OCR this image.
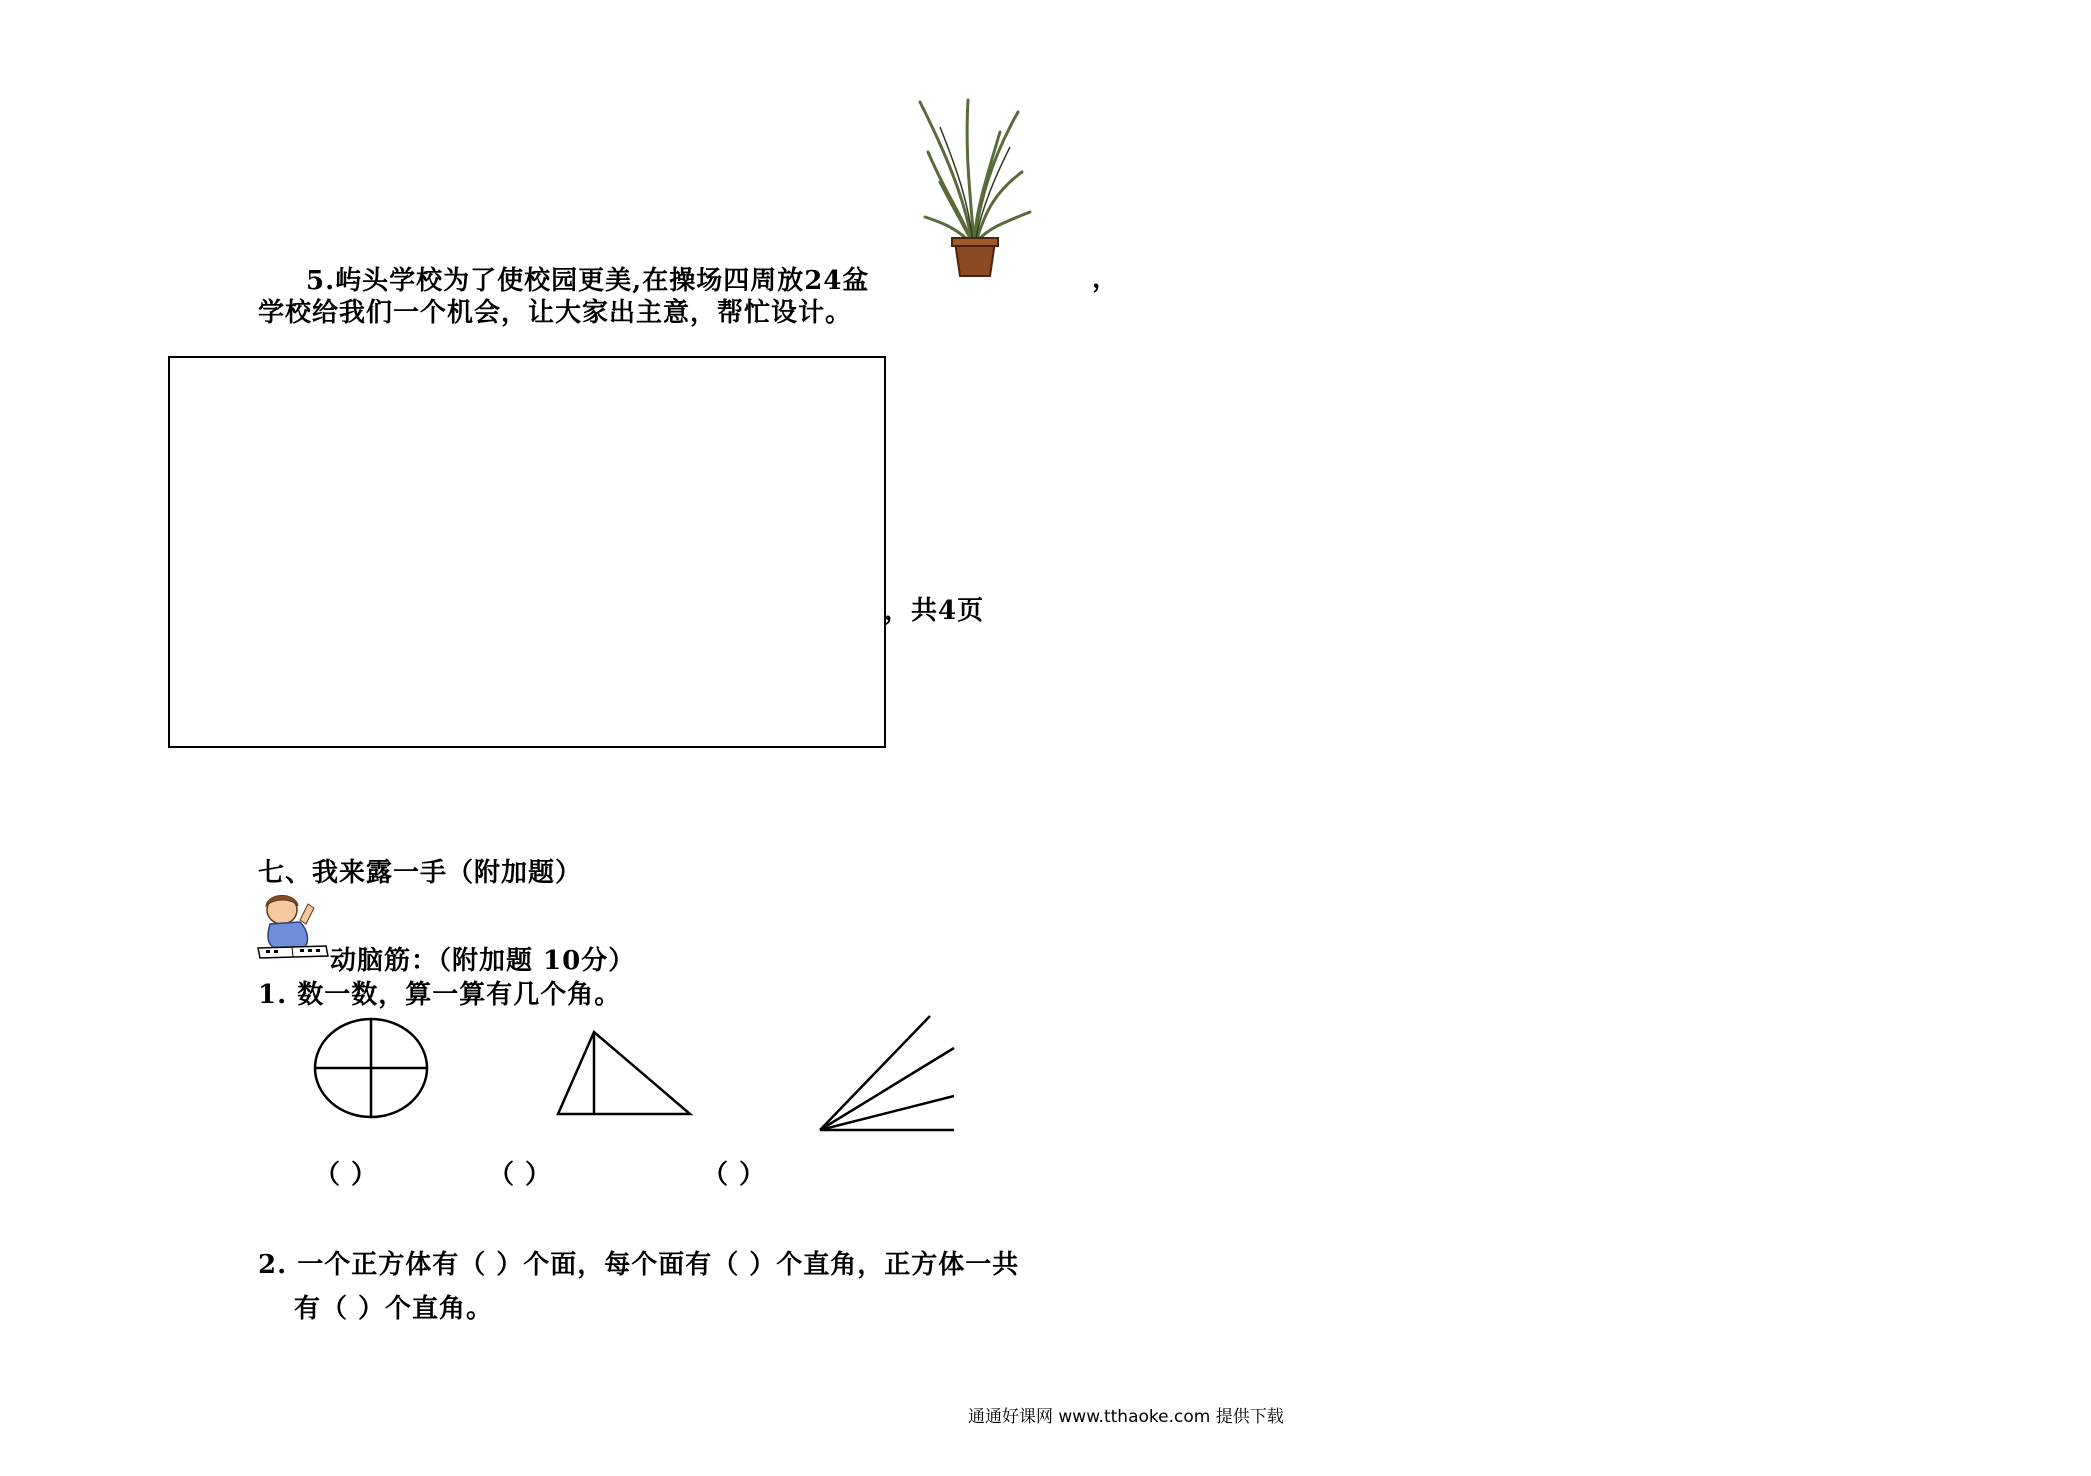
5.屿头学校为了使校园更美,在操场四周放24盆	，
学校给我们一个机会，让大家出主意，帮忙设计。
，共4页
七、我来露一手（附加题）
动脑筋：（附加题 10分）
1. 数一数，算一算有几个角。
（ ）	（ ）	（ ）
2. 一个正方体有（ ）个面，每个面有（ ）个直角，正方体一共
有（ ）个直角。
通通好课网 www.tthaoke.com 提供下载
